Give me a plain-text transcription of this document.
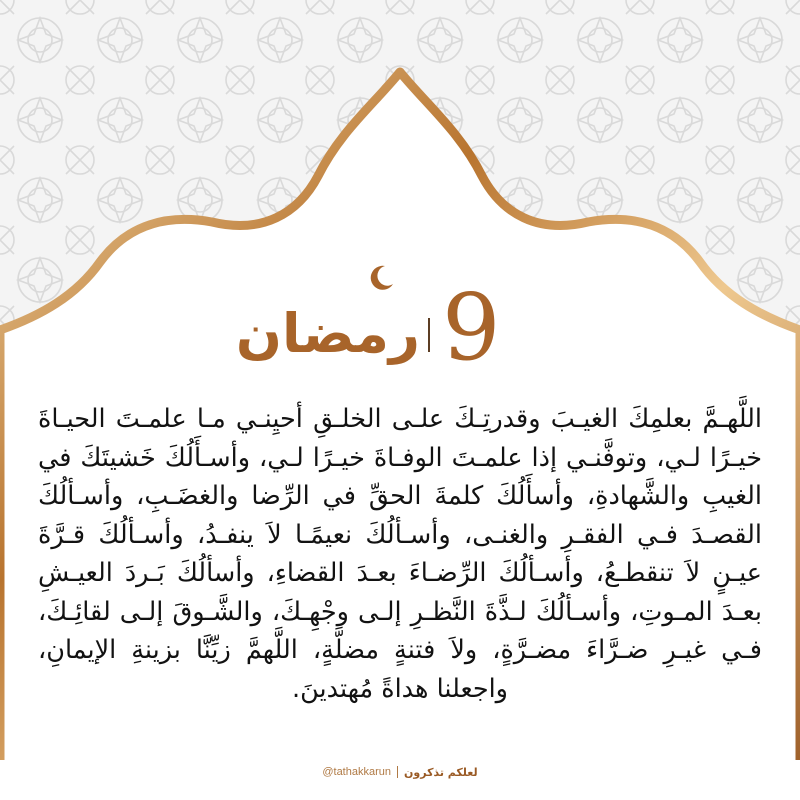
رمضان 9
اللَّهـمَّ بعلمِكَ الغيـبَ وقدرتِـكَ علـى الخلـقِ أحيِنـي مـا علمـتَ الحيـاةَ خيـرًا لـي، وتوفَّنـي إذا علمـتَ الوفـاةَ خيـرًا لـي، وأسـأَلُكَ خَشيتَكَ في الغيبِ والشَّهادةِ، وأسأَلُكَ كلمةَ الحقِّ في الرِّضا والغضَـبِ، وأسـألُكَ القصـدَ فـي الفقـرِ والغنـى، وأسـألُكَ نعيمًـا لاَ ينفـدُ، وأسـألُكَ قـرَّةَ عيـنٍ لاَ تنقطـعُ، وأسـألُكَ الرِّضـاءَ بعـدَ القضاءِ، وأسألُكَ بَـردَ العيـشِ بعـدَ المـوتِ، وأسـألُكَ لـذَّةَ النَّظـرِ إلـى وجْهِـكَ، والشَّـوقَ إلـى لقائِـكَ، فـي غيـرِ ضـرَّاءَ مضـرَّةٍ، ولاَ فتنةٍ مضلَّةٍ، اللَّهمَّ زيِّنَّا بزينةِ الإيمانِ، واجعلنا هداةً مُهتدينَ.
@tathakkarun لعلكم تذكرون
